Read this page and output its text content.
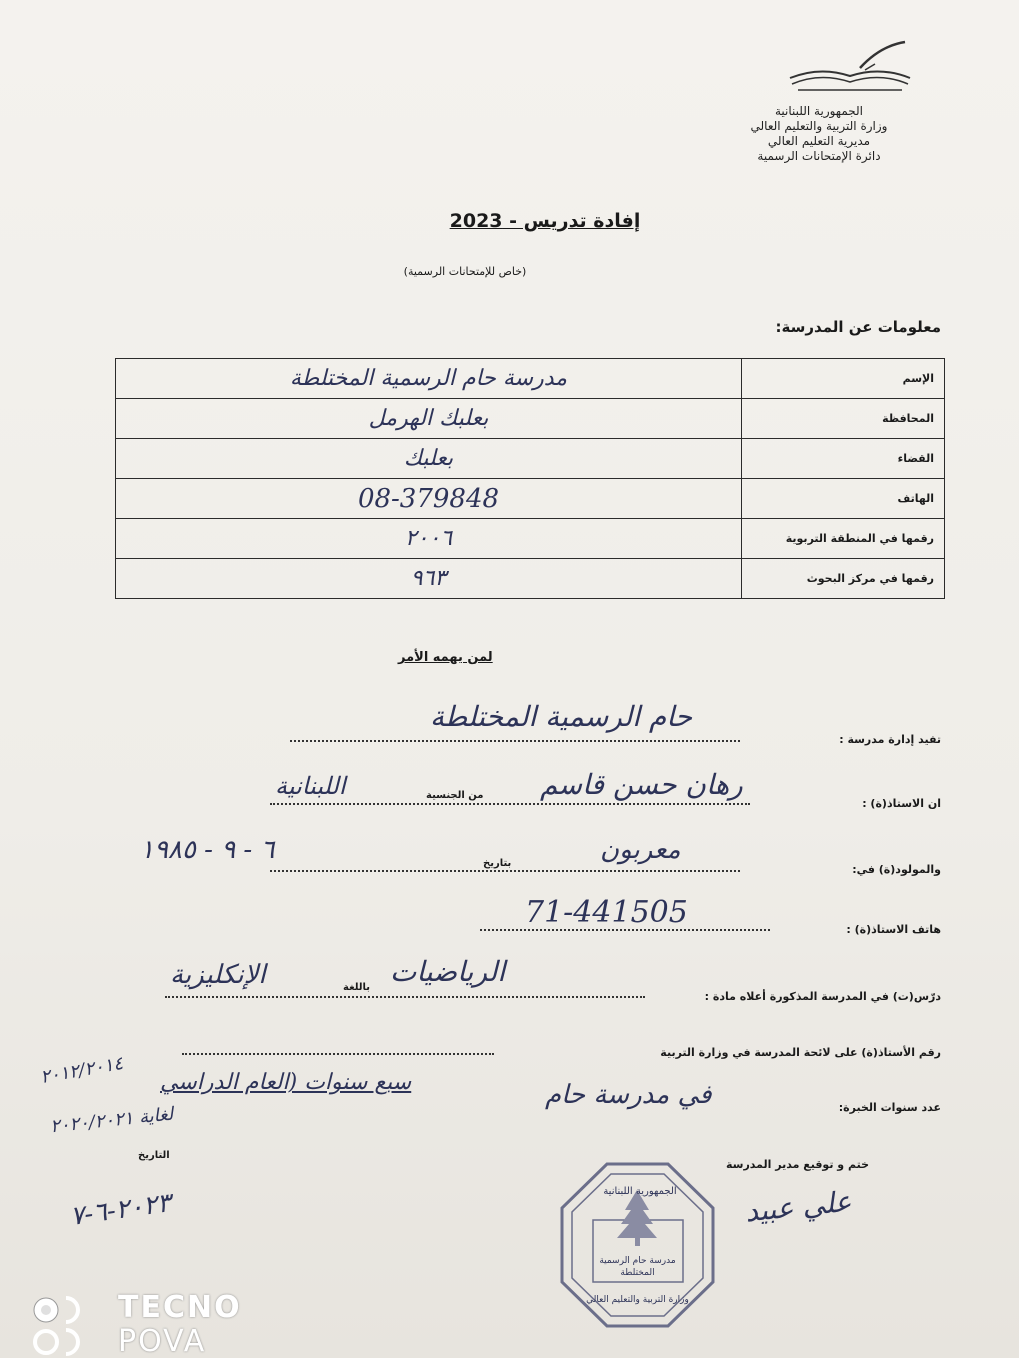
الجمهورية اللبنانية
وزارة التربية والتعليم العالي
مديرية التعليم العالي
دائرة الإمتحانات الرسمية
إفادة تدريس - 2023
(خاص للإمتحانات الرسمية)
معلومات عن المدرسة:
مدرسة حام الرسمية المختلطة	الإسم
بعلبك الهرمل	المحافظة
بعلبك	القضاء
08-379848	الهاتف
٢٠٠٦	رقمها في المنطقة التربوية
٩٦٣	رقمها في مركز البحوث
لمن يهمه الأمر
تفيد إدارة مدرسة :
حام الرسمية المختلطة
ان الاستاذ(ة) :
من الجنسية
اللبنانية	رهان حسن قاسم
والمولود(ة) في:
بتاريخ	معربون
٦ - ٩ - ١٩٨٥
هاتف الاستاذ(ة) :
71-441505
درّس(ت) في المدرسة المذكورة أعلاه مادة :
باللغة
الإنكليزية	الرياضيات
رقم الأستاذ(ة) على لائحة المدرسة في وزارة التربية
عدد سنوات الخبرة:
في مدرسة حام
سبع سنوات (العام الدراسي
٢٠١٢/٢٠١٤
لغاية ٢٠٢٠/٢٠٢١
ختم و توقيع مدير المدرسة
التاريخ
٢٠٢٣-٦-٧	علي عبيد
الجمهورية اللبنانية
مدرسة حام الرسمية المختلطة
وزارة التربية والتعليم العالي
TECNO
POVA
